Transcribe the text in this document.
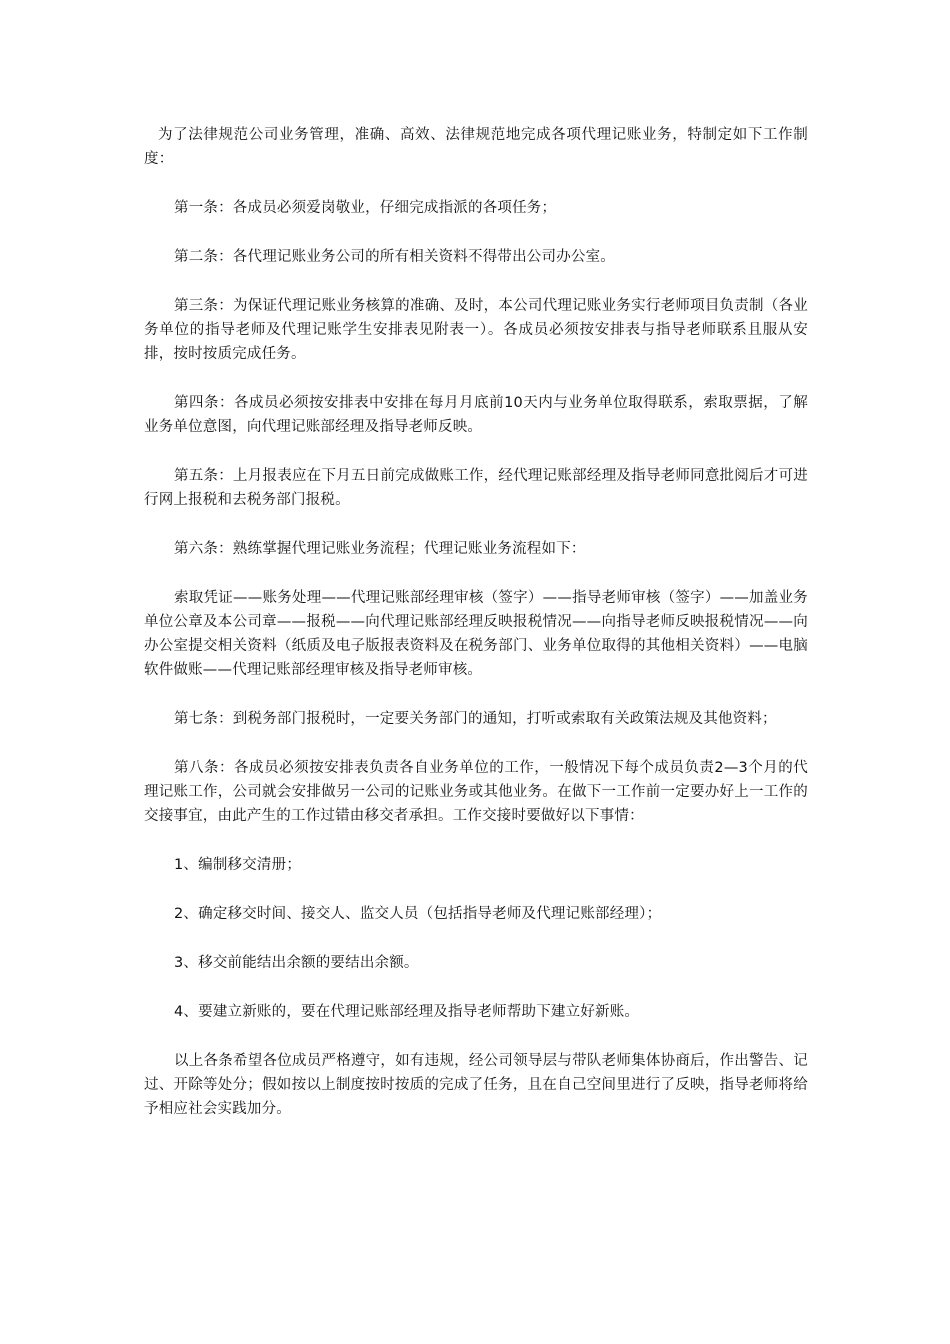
为了法律规范公司业务管理，准确、高效、法律规范地完成各项代理记账业务，特制定如下工作制度：

第一条：各成员必须爱岗敬业，仔细完成指派的各项任务；

第二条：各代理记账业务公司的所有相关资料不得带出公司办公室。

第三条：为保证代理记账业务核算的准确、及时，本公司代理记账业务实行老师项目负责制（各业务单位的指导老师及代理记账学生安排表见附表一）。各成员必须按安排表与指导老师联系且服从安排，按时按质完成任务。

第四条：各成员必须按安排表中安排在每月月底前10天内与业务单位取得联系，索取票据，了解业务单位意图，向代理记账部经理及指导老师反映。

第五条：上月报表应在下月五日前完成做账工作，经代理记账部经理及指导老师同意批阅后才可进行网上报税和去税务部门报税。

第六条：熟练掌握代理记账业务流程；代理记账业务流程如下：

索取凭证——账务处理——代理记账部经理审核（签字）——指导老师审核（签字）——加盖业务单位公章及本公司章——报税——向代理记账部经理反映报税情况——向指导老师反映报税情况——向办公室提交相关资料（纸质及电子版报表资料及在税务部门、业务单位取得的其他相关资料）——电脑软件做账——代理记账部经理审核及指导老师审核。

第七条：到税务部门报税时，一定要关务部门的通知，打听或索取有关政策法规及其他资料；

第八条：各成员必须按安排表负责各自业务单位的工作，一般情况下每个成员负责2—3个月的代理记账工作，公司就会安排做另一公司的记账业务或其他业务。在做下一工作前一定要办好上一工作的交接事宜，由此产生的工作过错由移交者承担。工作交接时要做好以下事情：

1、编制移交清册；

2、确定移交时间、接交人、监交人员（包括指导老师及代理记账部经理）；

3、移交前能结出余额的要结出余额。

4、要建立新账的，要在代理记账部经理及指导老师帮助下建立好新账。

以上各条希望各位成员严格遵守，如有违规，经公司领导层与带队老师集体协商后，作出警告、记过、开除等处分；假如按以上制度按时按质的完成了任务，且在自己空间里进行了反映，指导老师将给予相应社会实践加分。
